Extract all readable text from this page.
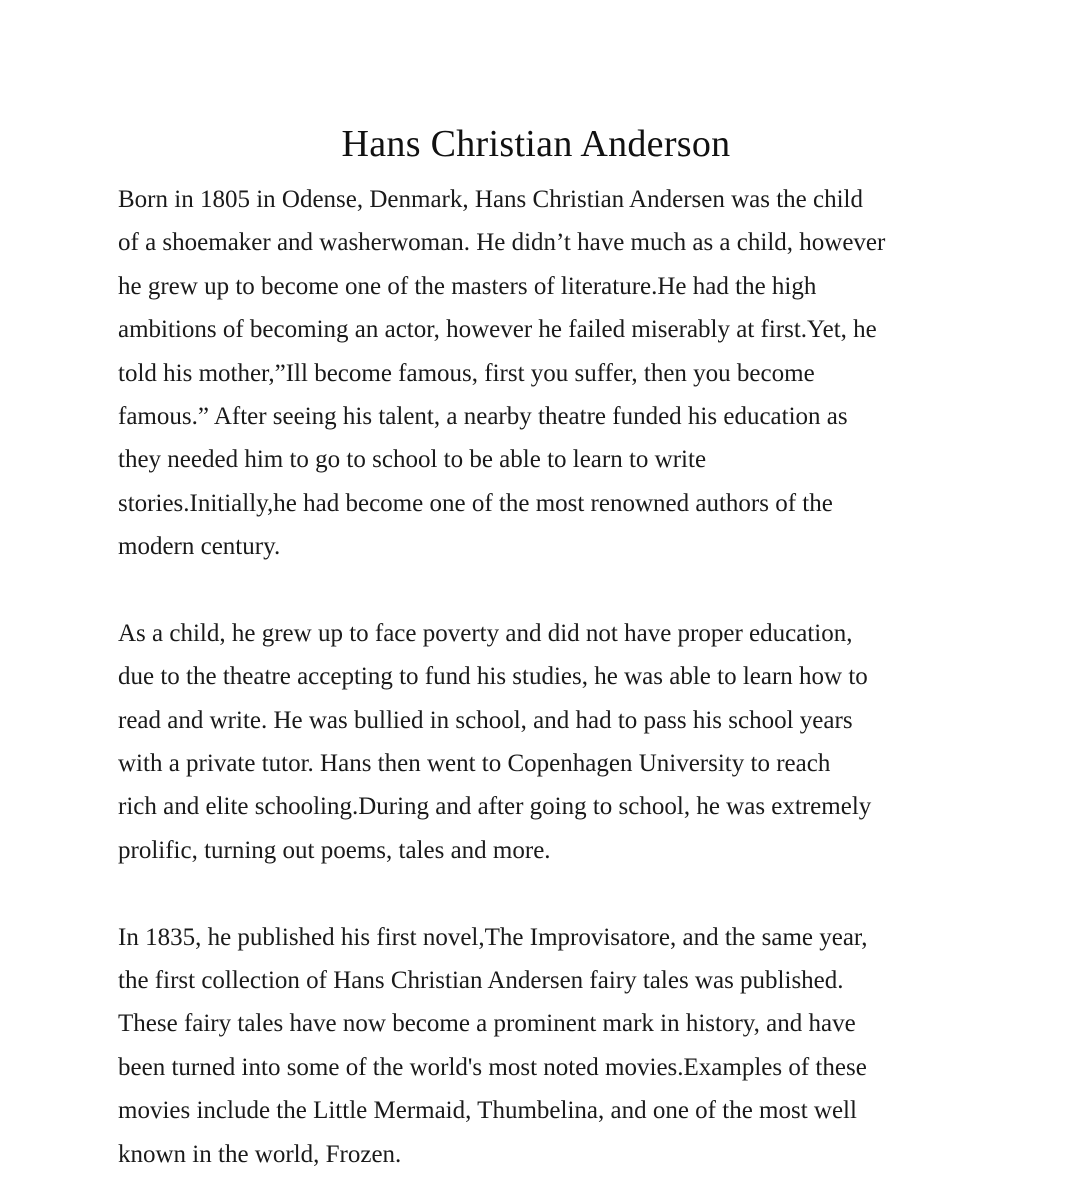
Hans Christian Anderson

Born in 1805 in Odense, Denmark, Hans Christian Andersen was the child
of a shoemaker and washerwoman. He didn’t have much as a child, however
he grew up to become one of the masters of literature.He had the high
ambitions of becoming an actor, however he failed miserably at first.Yet, he
told his mother,”Ill become famous, first you suffer, then you become
famous.” After seeing his talent, a nearby theatre funded his education as
they needed him to go to school to be able to learn to write
stories.Initially,he had become one of the most renowned authors of the
modern century.

As a child, he grew up to face poverty and did not have proper education,
due to the theatre accepting to fund his studies, he was able to learn how to
read and write. He was bullied in school, and had to pass his school years
with a private tutor. Hans then went to Copenhagen University to reach
rich and elite schooling.During and after going to school, he was extremely
prolific, turning out poems, tales and more.

In 1835, he published his first novel,The Improvisatore, and the same year,
the first collection of Hans Christian Andersen fairy tales was published.
These fairy tales have now become a prominent mark in history, and have
been turned into some of the world's most noted movies.Examples of these
movies include the Little Mermaid, Thumbelina, and one of the most well
known in the world, Frozen.
